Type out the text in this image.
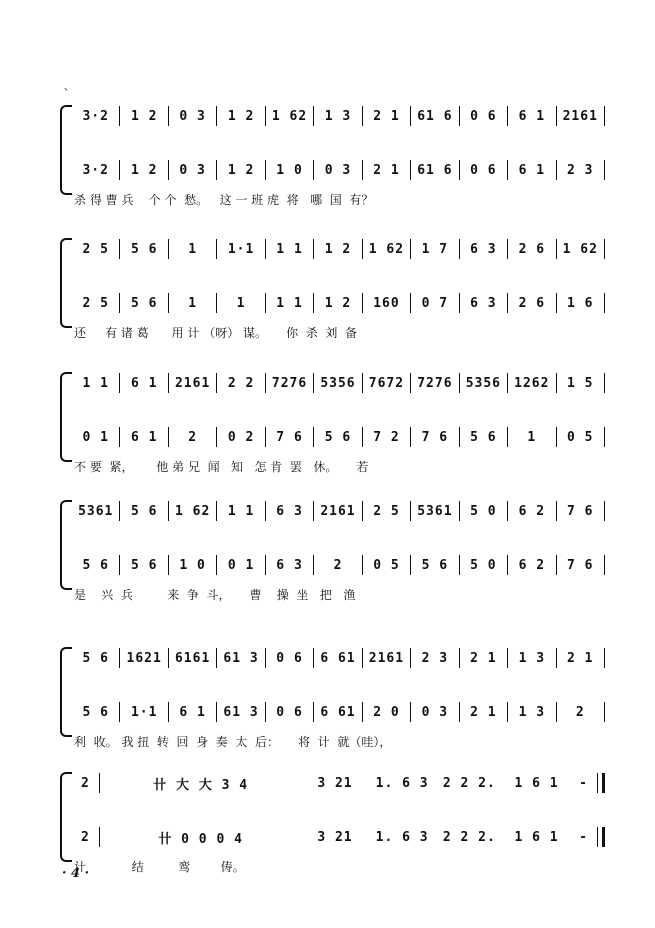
、
3·2	1 2	0 3	1 2	1 62	1 3	2 1	61 6	0 6	6 1	2161
3·2	1 2	0 3	1 2	1 0	0 3	2 1	61 6	0 6	6 1	2 3
杀 得 曹 兵    个 个  愁。   这 一 班 虎  将   哪  国  有？
2 5	5 6	1	1·1	1 1	1 2	1 62	1 7	6 3	2 6	1 62
2 5	5 6	1	1	1 1	1 2	160	0 7	6 3	2 6	1 6
还     有 诸 葛      用 计 （呀） 谋。     你  杀  刘  备
1 1	6 1	2161	2 2	7276	5356	7672	7276	5356	1262	1 5
0 1	6 1	2	0 2	7 6	5 6	7 2	7 6	5 6	1	0 5
不 要  紧，      他 弟 兄  闻   知   怎 肯  罢   休。     若
5361	5 6	1 62	1 1	6 3	2161	2 5	5361	5 0	6 2	7 6
5 6	5 6	1 0	0 1	6 3	2	0 5	5 6	5 0	6 2	7 6
是    兴  兵         来  争  斗，     曹    操  坐   把   渔
5 6	1621	6161	61 3	0 6	6 61	2161	2 3	2 1	1 3	2 1
5 6	1·1	6 1	61 3	0 6	6 61	2 0	0 3	2 1	1 3	2
利  收。 我 扭  转  回  身  奏  太  后：     将  计  就（哇），
2	卄 大 大 3 4	3 21	1. 6 3	2 2 2.	1 6 1	-
2	卄 0 0 0 4	3 21	1. 6 3	2 2 2.	1 6 1	-
计            结         鸾        俦。
· 4 ·
